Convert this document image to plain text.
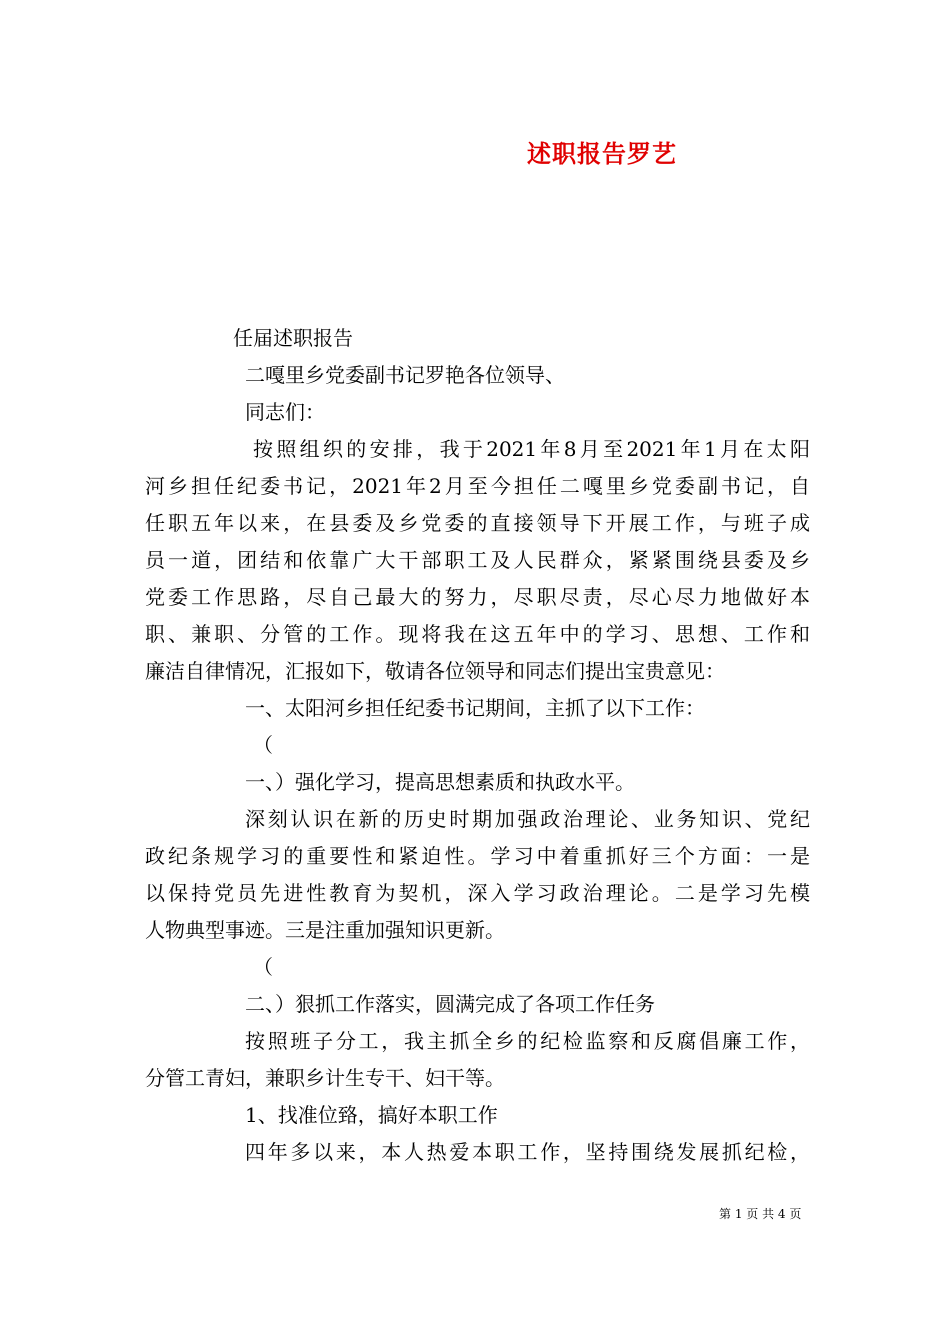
述职报告罗艺
任届述职报告
二嘎里乡党委副书记罗艳各位领导、
同志们：
按照组织的安排，我于2021年8月至2021年1月在太阳
河乡担任纪委书记，2021年2月至今担任二嘎里乡党委副书记，自
任职五年以来，在县委及乡党委的直接领导下开展工作，与班子成
员一道，团结和依靠广大干部职工及人民群众，紧紧围绕县委及乡
党委工作思路，尽自己最大的努力，尽职尽责，尽心尽力地做好本
职、兼职、分管的工作。现将我在这五年中的学习、思想、工作和
廉洁自律情况，汇报如下，敬请各位领导和同志们提出宝贵意见：
一、太阳河乡担任纪委书记期间，主抓了以下工作：
（
一、）强化学习，提高思想素质和执政水平。
深刻认识在新的历史时期加强政治理论、业务知识、党纪
政纪条规学习的重要性和紧迫性。学习中着重抓好三个方面：一是
以保持党员先进性教育为契机，深入学习政治理论。二是学习先模
人物典型事迹。三是注重加强知识更新。
（
二、）狠抓工作落实，圆满完成了各项工作任务
按照班子分工，我主抓全乡的纪检监察和反腐倡廉工作，
分管工青妇，兼职乡计生专干、妇干等。
1、找准位臵，搞好本职工作
四年多以来，本人热爱本职工作，坚持围绕发展抓纪检，
第 1 页 共 4 页
